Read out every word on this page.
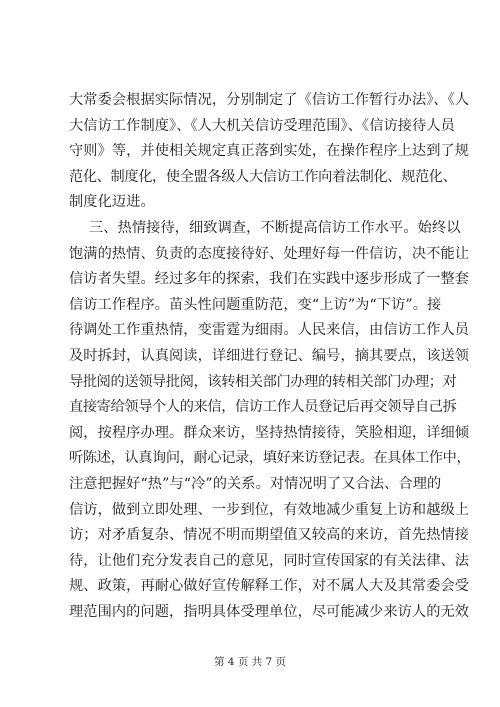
大常委会根据实际情况，分别制定了《信访工作暂行办法》、《人
大信访工作制度》、《人大机关信访受理范围》、《信访接待人员
守则》等，并使相关规定真正落到实处，在操作程序上达到了规
范化、制度化，使全盟各级人大信访工作向着法制化、规范化、
制度化迈进。
三、热情接待，细致调查，不断提高信访工作水平。始终以
饱满的热情、负责的态度接待好、处理好每一件信访，决不能让
信访者失望。经过多年的探索，我们在实践中逐步形成了一整套
信访工作程序。苗头性问题重防范，变“上访”为“下访”。接
待调处工作重热情，变雷霆为细雨。人民来信，由信访工作人员
及时拆封，认真阅读，详细进行登记、编号，摘其要点，该送领
导批阅的送领导批阅，该转相关部门办理的转相关部门办理；对
直接寄给领导个人的来信，信访工作人员登记后再交领导自己拆
阅，按程序办理。群众来访，坚持热情接待，笑脸相迎，详细倾
听陈述，认真询问，耐心记录，填好来访登记表。在具体工作中，
注意把握好“热”与“冷”的关系。对情况明了又合法、合理的
信访，做到立即处理、一步到位，有效地减少重复上访和越级上
访；对矛盾复杂、情况不明而期望值又较高的来访，首先热情接
待，让他们充分发表自己的意见，同时宣传国家的有关法律、法
规、政策，再耐心做好宣传解释工作，对不属人大及其常委会受
理范围内的问题，指明具体受理单位，尽可能减少来访人的无效
第 4 页 共 7 页
